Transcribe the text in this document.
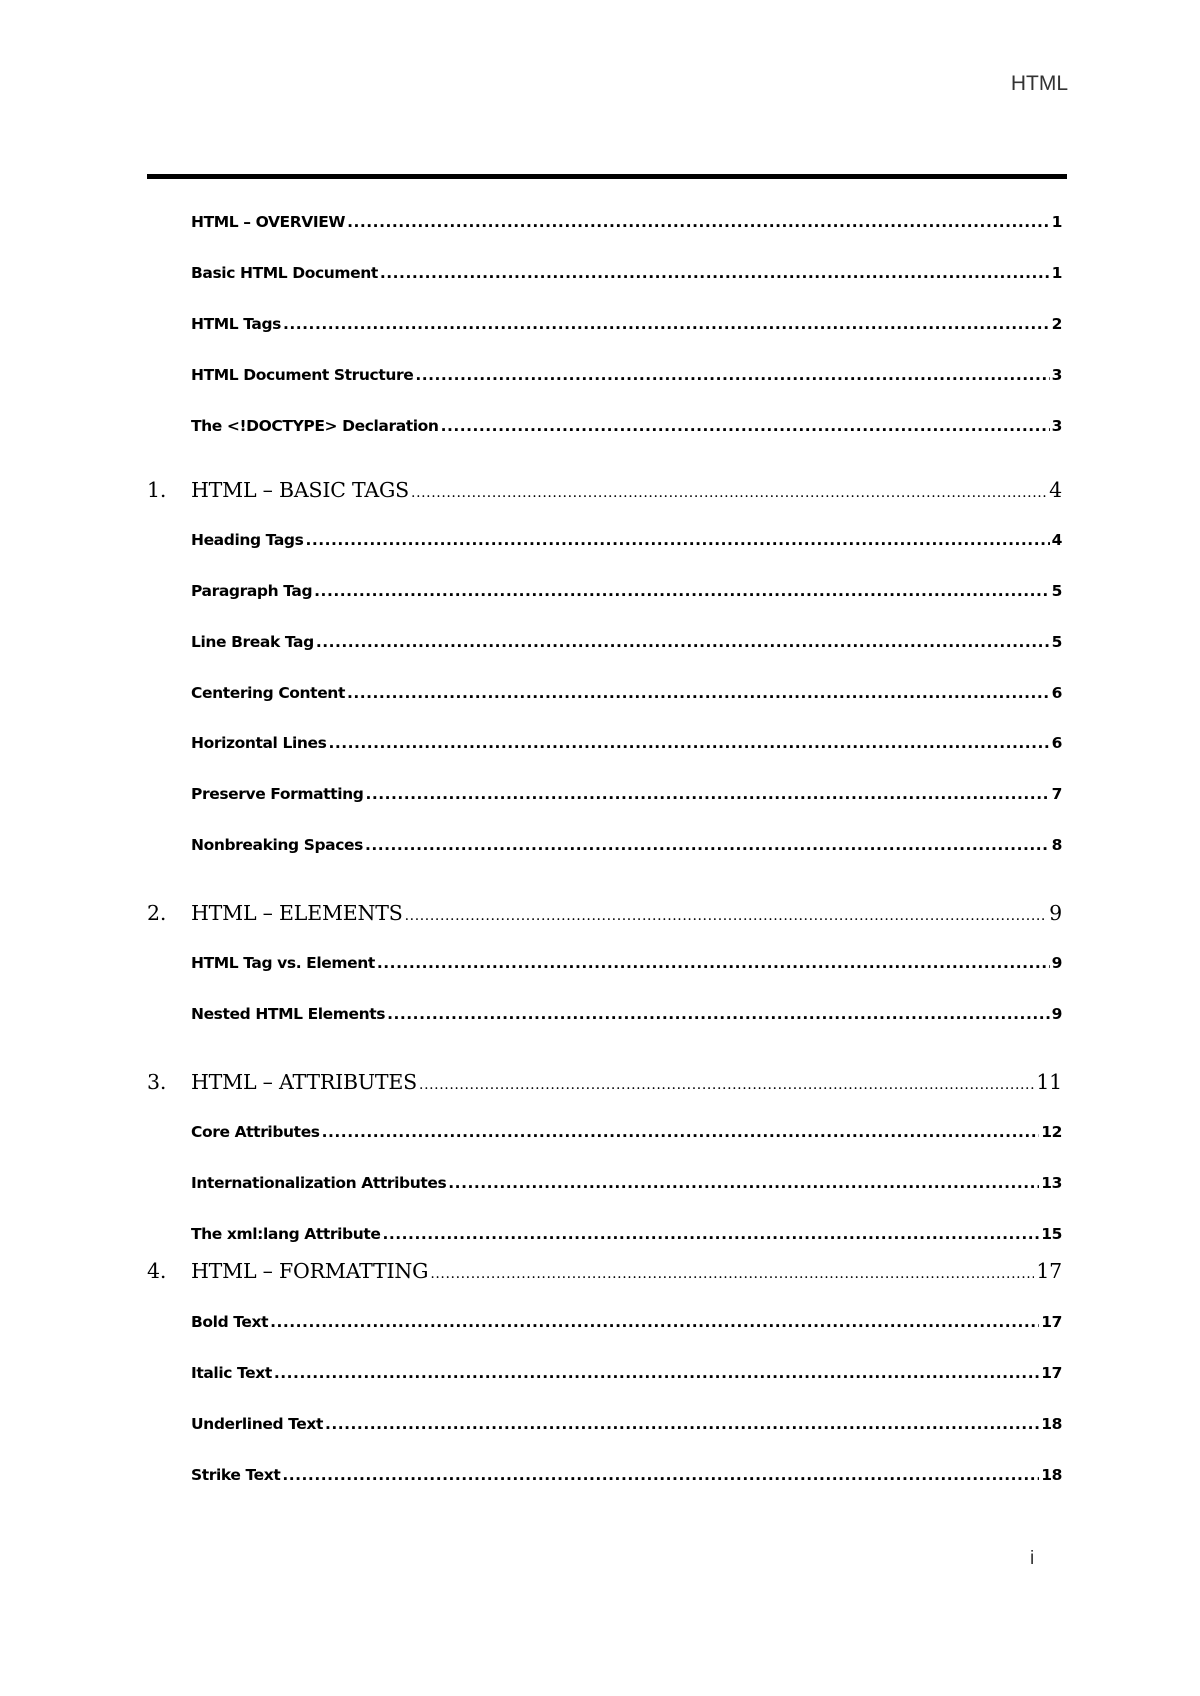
HTML

HTML – OVERVIEW .....	1
Basic HTML Document .....	1
HTML Tags .....	2
HTML Document Structure .....	3
The <!DOCTYPE> Declaration .....	3
1.	HTML – BASIC TAGS .....	4
Heading Tags .....	4
Paragraph Tag .....	5
Line Break Tag .....	5
Centering Content .....	6
Horizontal Lines .....	6
Preserve Formatting .....	7
Nonbreaking Spaces .....	8
2.	HTML – ELEMENTS .....	9
HTML Tag vs. Element .....	9
Nested HTML Elements .....	9
3.	HTML – ATTRIBUTES .....	11
Core Attributes .....	12
Internationalization Attributes .....	13
The xml:lang Attribute .....	15
4.	HTML – FORMATTING .....	17
Bold Text .....	17
Italic Text .....	17
Underlined Text .....	18
Strike Text .....	18
i
